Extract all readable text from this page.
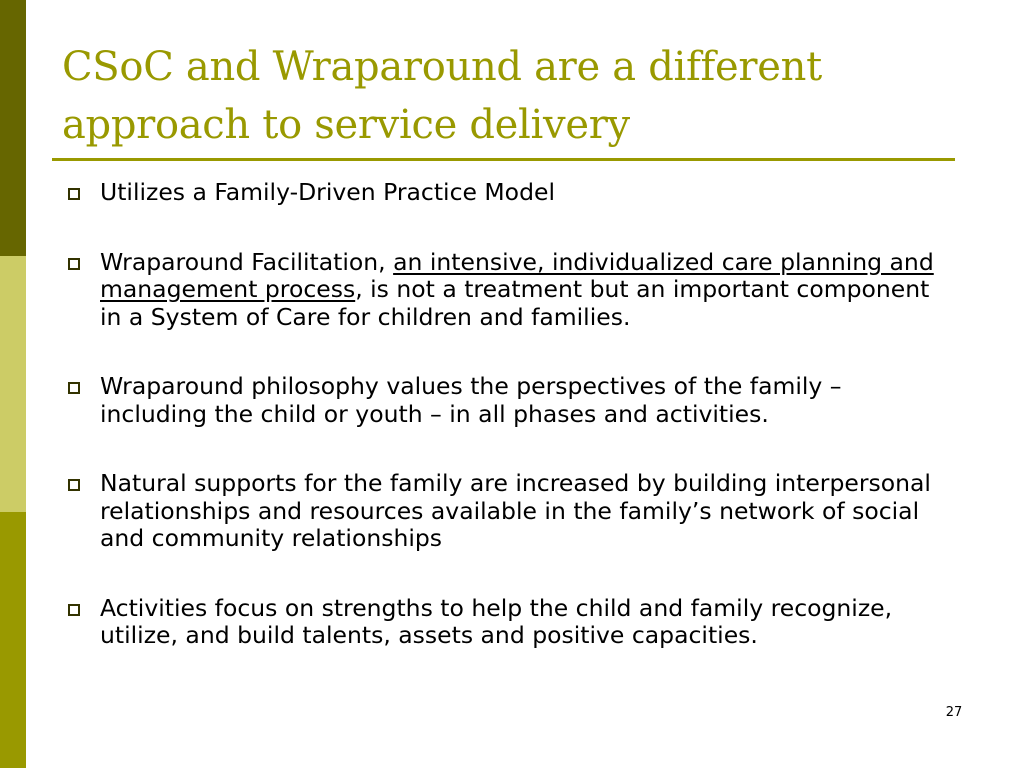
CSoC and Wraparound are a different approach to service delivery
Utilizes a Family-Driven Practice Model
Wraparound Facilitation, an intensive, individualized care planning and management process, is not a treatment but an important component in a System of Care for children and families.
Wraparound philosophy values the perspectives of the family – including the child or youth – in all phases and activities.
Natural supports for the family are increased by building interpersonal relationships and resources available in the family’s network of social and community relationships
Activities focus on strengths to help the child and family recognize, utilize, and build talents, assets and positive capacities.
27
